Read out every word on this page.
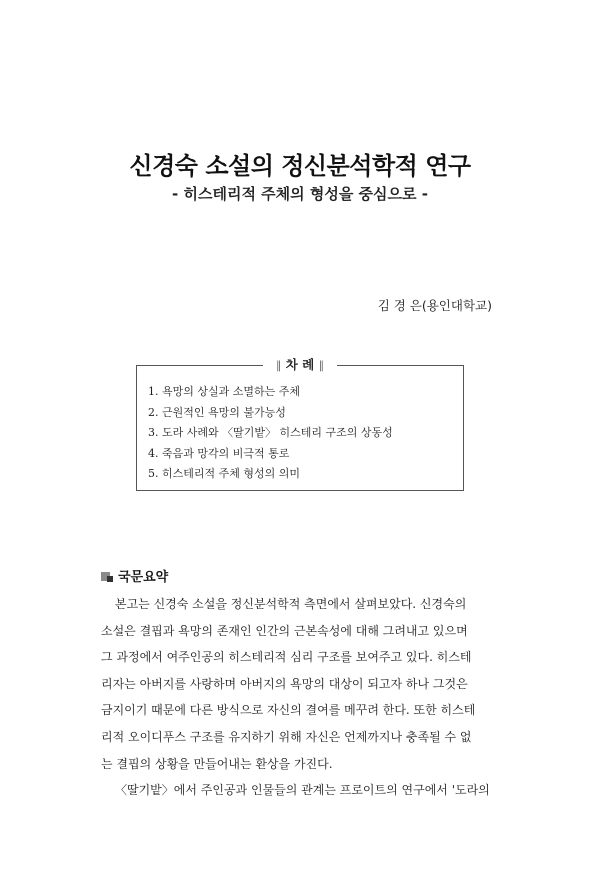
신경숙 소설의 정신분석학적 연구
- 히스테리적 주체의 형성을 중심으로 -
김 경 은(용인대학교)
∥ 차 례 ∥
1. 욕망의 상실과 소멸하는 주체
2. 근원적인 욕망의 불가능성
3. 도라 사례와 〈딸기밭〉 히스테리 구조의 상동성
4. 죽음과 망각의 비극적 통로
5. 히스테리적 주체 형성의 의미
국문요약
본고는 신경숙 소설을 정신분석학적 측면에서 살펴보았다. 신경숙의
소설은 결핍과 욕망의 존재인 인간의 근본속성에 대해 그려내고 있으며
그 과정에서 여주인공의 히스테리적 심리 구조를 보여주고 있다. 히스테
리자는 아버지를 사랑하며 아버지의 욕망의 대상이 되고자 하나 그것은
금지이기 때문에 다른 방식으로 자신의 결여를 메꾸려 한다. 또한 히스테
리적 오이디푸스 구조를 유지하기 위해 자신은 언제까지나 충족될 수 없
는 결핍의 상황을 만들어내는 환상을 가진다.
〈딸기밭〉에서 주인공과 인물들의 관계는 프로이트의 연구에서 '도라의
